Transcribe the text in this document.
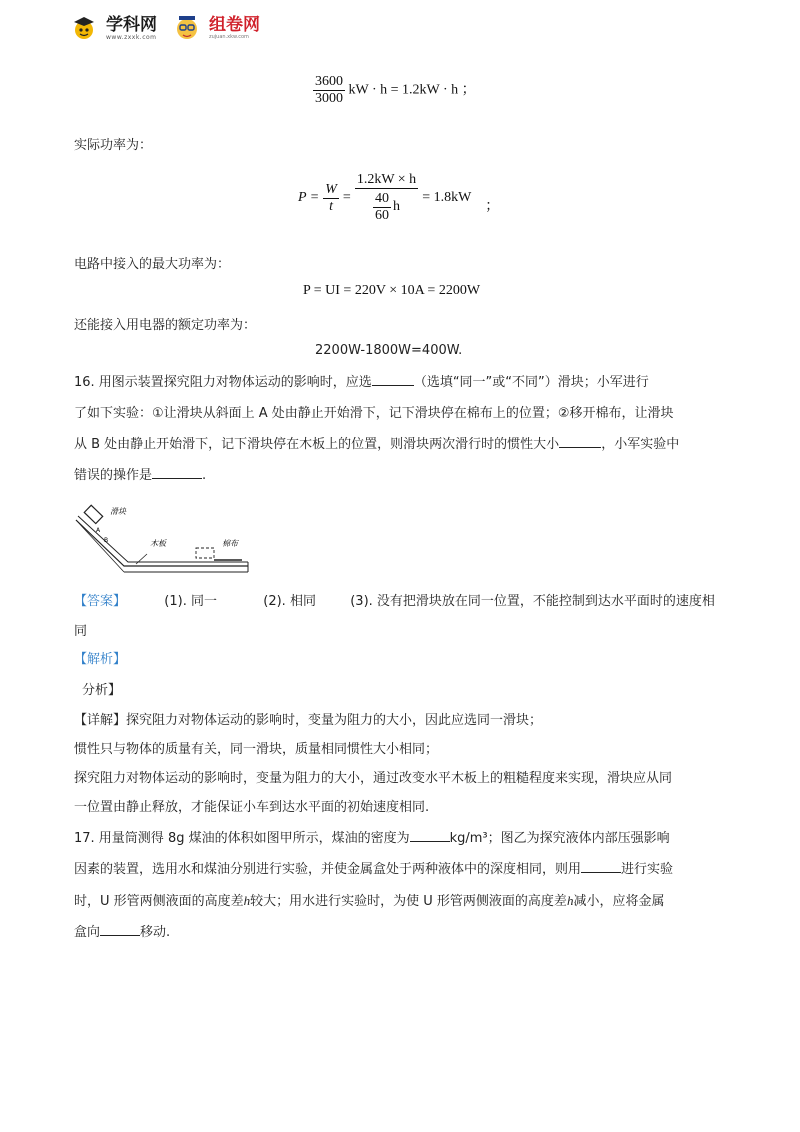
学科网
www.zxxk.com
组卷网
zujuan.xkw.com
$\frac{3600}{3000}$ kW · h = 1.2kW · h ；
实际功率为：
$P = \frac{W}{t} = \frac{1.2kW \times h}{\frac{40}{60} h} = 1.8kW$
；
电路中接入的最大功率为：
P = UI = 220V × 10A = 2200W
还能接入用电器的额定功率为：
2200W-1800W=400W.
16. 用图示装置探究阻力对物体运动的影响时，应选	（选填“同一”或“不同”）滑块；小军进行
了如下实验：①让滑块从斜面上 A 处由静止开始滑下，记下滑块停在棉布上的位置；②移开棉布，让滑块
从 B 处由静止开始滑下，记下滑块停在木板上的位置，则滑块两次滑行时的惯性大小	，小军实验中
错误的操作是	.
滑块
木板	棉布
A
B
【答案】	(1). 同一	(2). 相同	(3). 没有把滑块放在同一位置，不能控制到达水平面时的速度相
同
【解析】
分析】
【详解】探究阻力对物体运动的影响时，变量为阻力的大小，因此应选同一滑块；
惯性只与物体的质量有关，同一滑块，质量相同惯性大小相同；
探究阻力对物体运动的影响时，变量为阻力的大小，通过改变水平木板上的粗糙程度来实现，滑块应从同
一位置由静止释放，才能保证小车到达水平面的初始速度相同.
17. 用量筒测得 8g 煤油的体积如图甲所示，煤油的密度为	kg/m³；图乙为探究液体内部压强影响
因素的装置，选用水和煤油分别进行实验，并使金属盒处于两种液体中的深度相同，则用	进行实验
时，U 形管两侧液面的高度差h较大；用水进行实验时，为使 U 形管两侧液面的高度差h减小，应将金属
盒向	移动.
